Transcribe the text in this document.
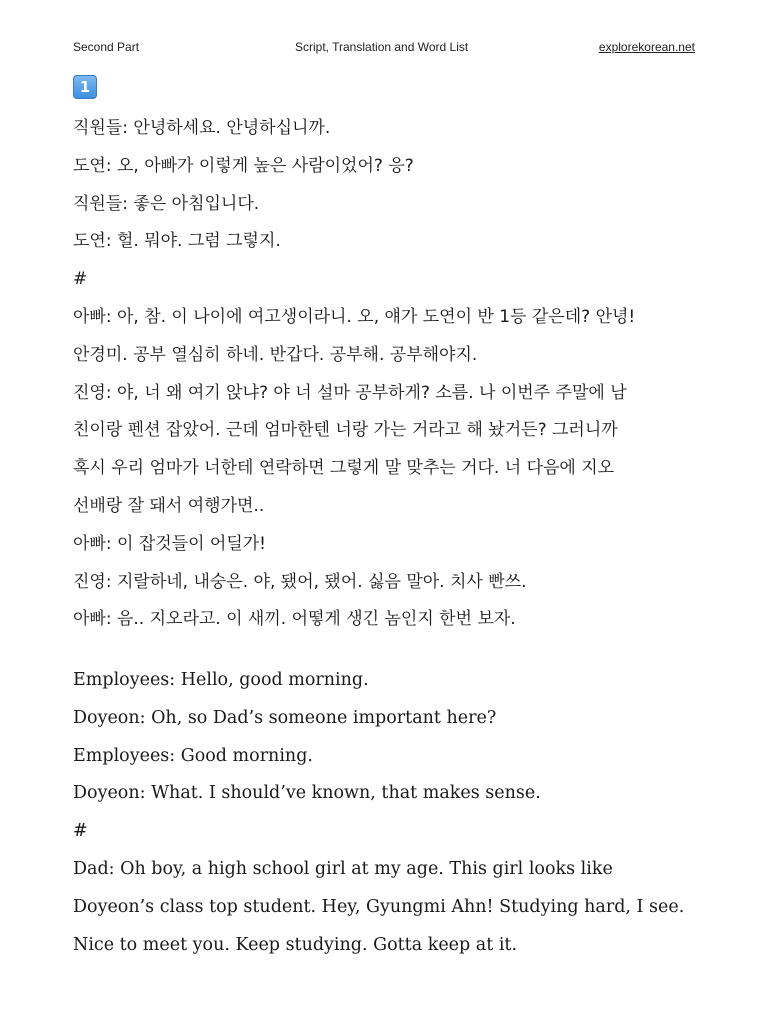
Second Part	Script, Translation and Word List	explorekorean.net
1
직원들: 안녕하세요. 안녕하십니까.
도연: 오, 아빠가 이렇게 높은 사람이었어? 응?
직원들: 좋은 아침입니다.
도연: 헐. 뭐야. 그럼 그렇지.
#
아빠: 아, 참. 이 나이에 여고생이라니. 오, 얘가 도연이 반 1등 같은데? 안녕!
안경미. 공부 열심히 하네. 반갑다. 공부해. 공부해야지.
진영: 야, 너 왜 여기 앉냐? 야 너 설마 공부하게? 소름. 나 이번주 주말에 남
친이랑 펜션 잡았어. 근데 엄마한텐 너랑 가는 거라고 해 놨거든? 그러니까
혹시 우리 엄마가 너한테 연락하면 그렇게 말 맞추는 거다. 너 다음에 지오
선배랑 잘 돼서 여행가면..
아빠: 이 잡것들이 어딜가!
진영: 지랄하네, 내숭은. 야, 됐어, 됐어. 싫음 말아. 치사 빤쓰.
아빠: 음.. 지오라고. 이 새끼. 어떻게 생긴 놈인지 한번 보자.
Employees: Hello, good morning.
Doyeon: Oh, so Dad’s someone important here?
Employees: Good morning.
Doyeon: What. I should’ve known, that makes sense.
#
Dad: Oh boy, a high school girl at my age. This girl looks like
Doyeon’s class top student. Hey, Gyungmi Ahn! Studying hard, I see.
Nice to meet you. Keep studying. Gotta keep at it.
